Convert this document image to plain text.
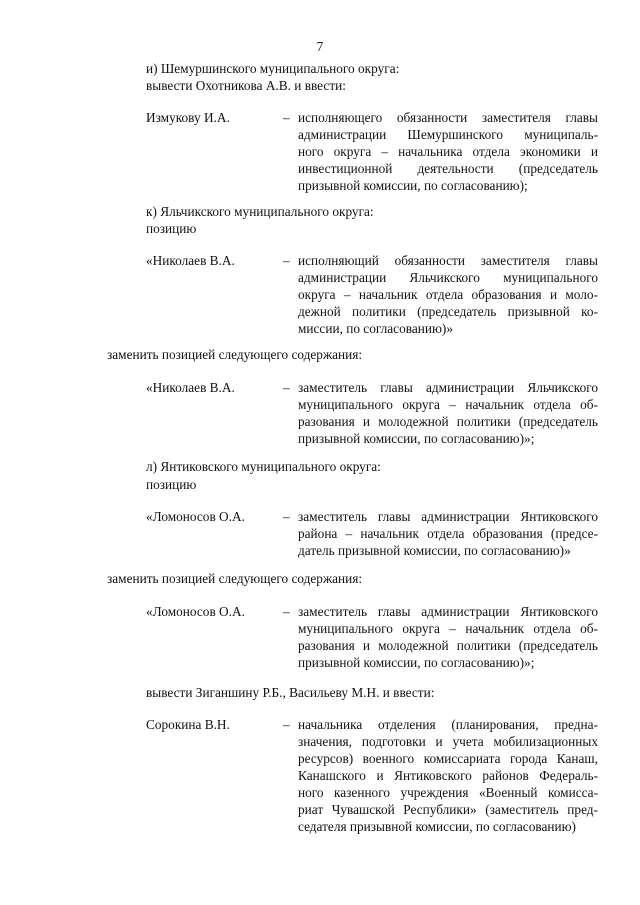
7
и) Шемуршинского муниципального округа:
вывести Охотникова А.В. и ввести:
Измукову И.А.	– исполняющего обязанности заместителя главы
администрации Шемуршинского муниципаль-
ного округа – начальника отдела экономики и
инвестиционной деятельности (председатель
призывной комиссии, по согласованию);
к) Яльчикского муниципального округа:
позицию
«Николаев В.А.	– исполняющий обязанности заместителя главы
администрации Яльчикского муниципального
округа – начальник отдела образования и моло-
дежной политики (председатель призывной ко-
миссии, по согласованию)»
заменить позицией следующего содержания:
«Николаев В.А.	– заместитель главы администрации Яльчикского
муниципального округа – начальник отдела об-
разования и молодежной политики (председатель
призывной комиссии, по согласованию)»;
л) Янтиковского муниципального округа:
позицию
«Ломоносов О.А.	– заместитель главы администрации Янтиковского
района – начальник отдела образования (предсе-
датель призывной комиссии, по согласованию)»
заменить позицией следующего содержания:
«Ломоносов О.А.	– заместитель главы администрации Янтиковского
муниципального округа – начальник отдела об-
разования и молодежной политики (председатель
призывной комиссии, по согласованию)»;
вывести Зиганшину Р.Б., Васильеву М.Н. и ввести:
Сорокина В.Н.	– начальника отделения (планирования, предна-
значения, подготовки и учета мобилизационных
ресурсов) военного комиссариата города Канаш,
Канашского и Янтиковского районов Федераль-
ного казенного учреждения «Военный комисса-
риат Чувашской Республики» (заместитель пред-
седателя призывной комиссии, по согласованию)
